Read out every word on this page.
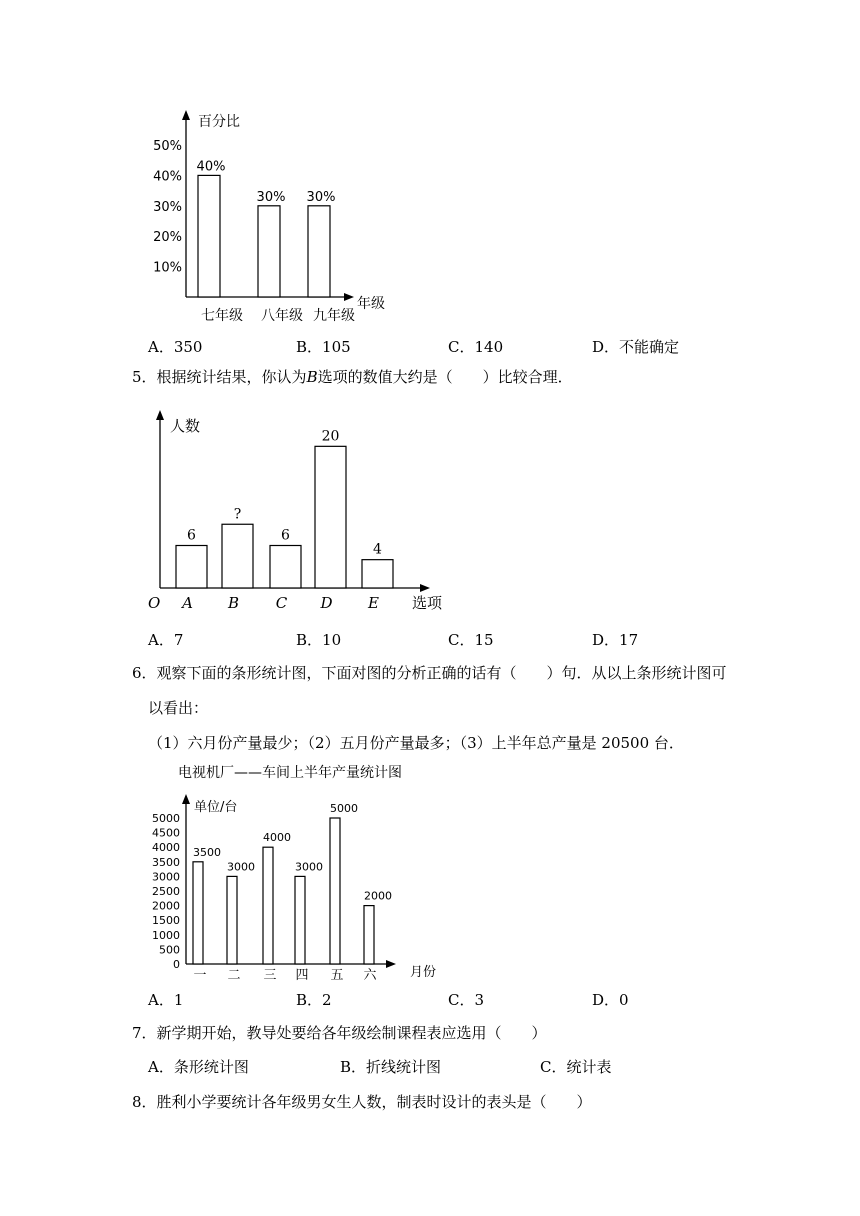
百分比
年级
10%
20%
30%
40%
50%
40%
七年级
30%
八年级
30%
九年级
A．350	B．105	C．140	D．不能确定
5．根据统计结果，你认为B选项的数值大约是（　　）比较合理．
人数
选项
O
6
A
?
B
6
C
20
D
4
E
A．7	B．10	C．15	D．17
6．观察下面的条形统计图，下面对图的分析正确的话有（　　）句．从以上条形统计图可
以看出：
（1）六月份产量最少；（2）五月份产量最多；（3）上半年总产量是 20500 台．
电视机厂——车间上半年产量统计图
单位/台
月份
0
500
1000
1500
2000
2500
3000
3500
4000
4500
5000
3500
一
3000
二
4000
三
3000
四
5000
五
2000
六
A．1	B．2	C．3	D．0
7．新学期开始，教导处要给各年级绘制课程表应选用（　　）
A．条形统计图	B．折线统计图	C．统计表
8．胜利小学要统计各年级男女生人数，制表时设计的表头是（　　）
